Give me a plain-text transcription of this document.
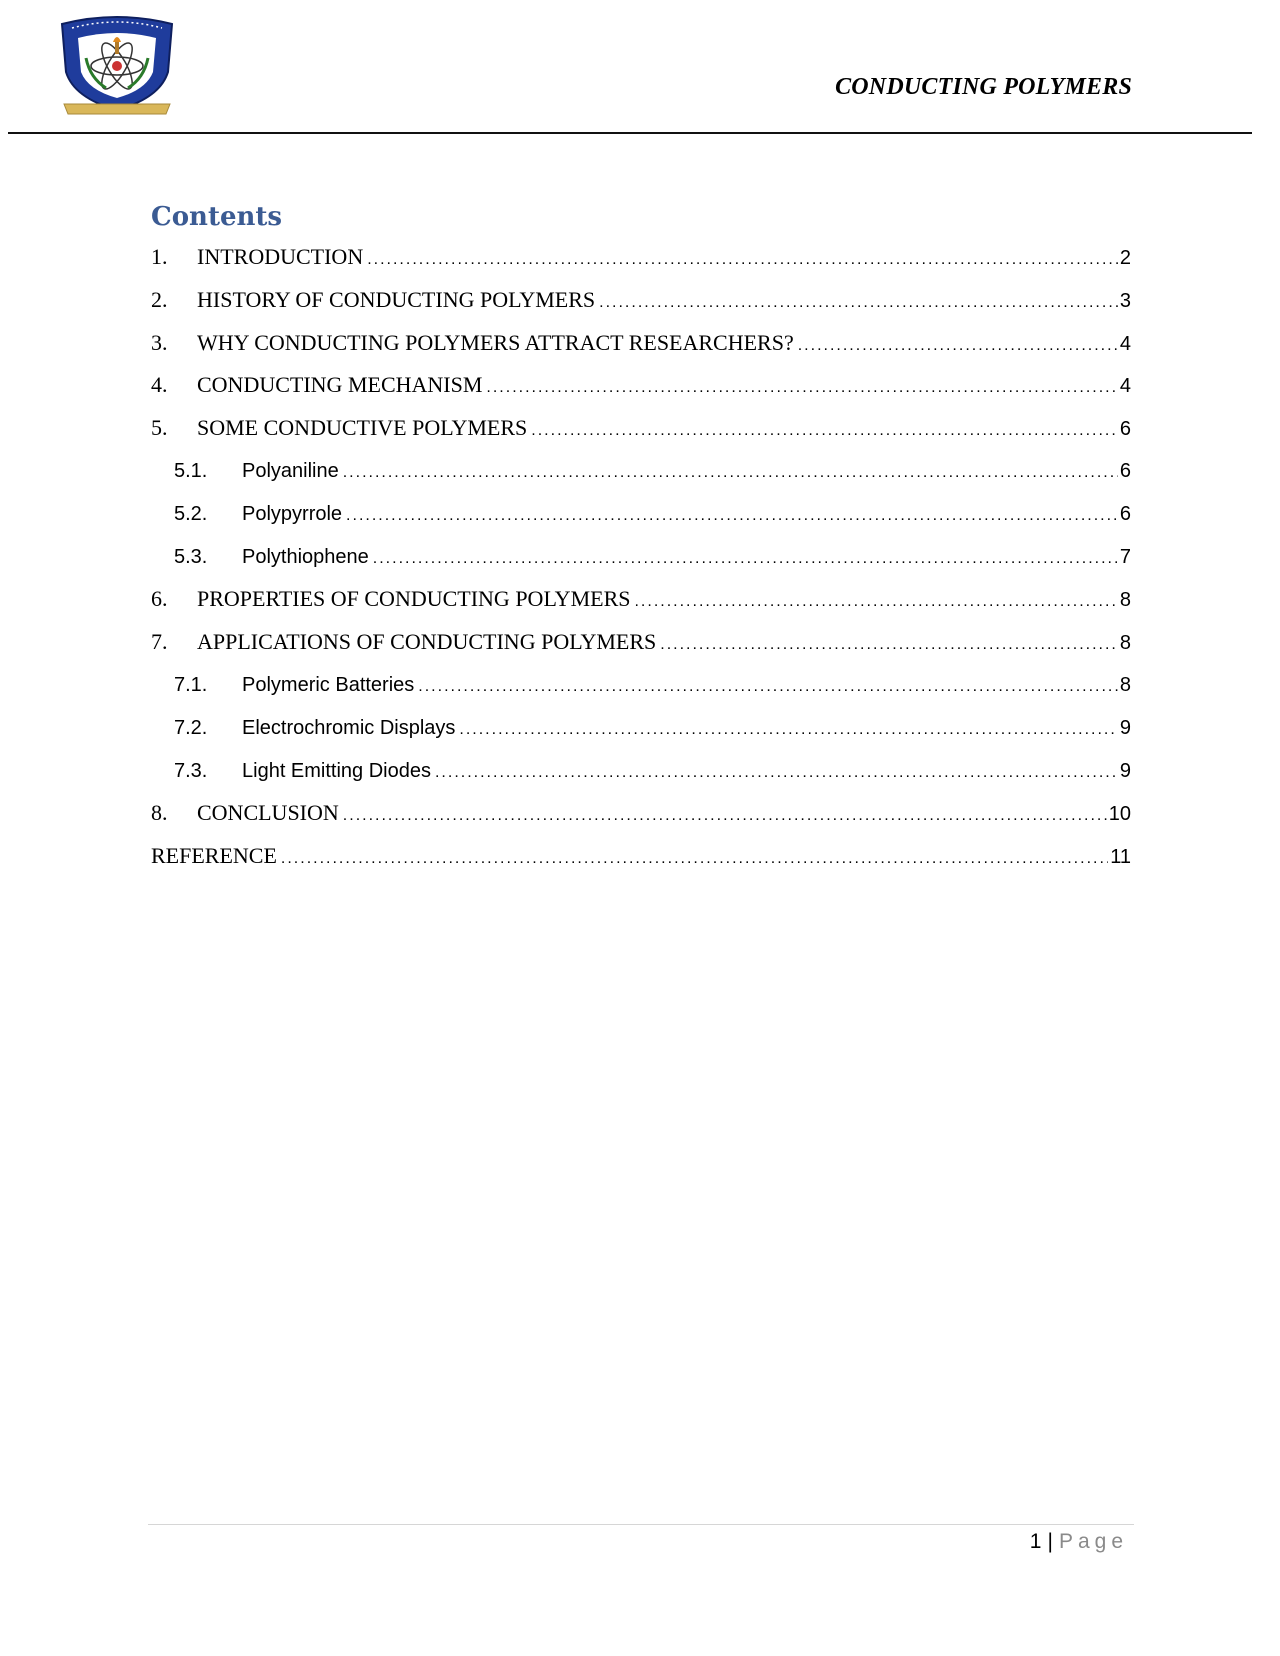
CONDUCTING POLYMERS
Contents
1.	INTRODUCTION .....	2
2.	HISTORY OF CONDUCTING POLYMERS .....	3
3.	WHY CONDUCTING POLYMERS ATTRACT RESEARCHERS? .....	4
4.	CONDUCTING MECHANISM .....	4
5.	SOME CONDUCTIVE POLYMERS .....	6
5.1.	Polyaniline .....	6
5.2.	Polypyrrole .....	6
5.3.	Polythiophene .....	7
6.	PROPERTIES OF CONDUCTING POLYMERS .....	8
7.	APPLICATIONS OF CONDUCTING POLYMERS .....	8
7.1.	Polymeric Batteries .....	8
7.2.	Electrochromic Displays .....	9
7.3.	Light Emitting Diodes .....	9
8.	CONCLUSION .....	10
REFERENCE .....	11
1 | Page
